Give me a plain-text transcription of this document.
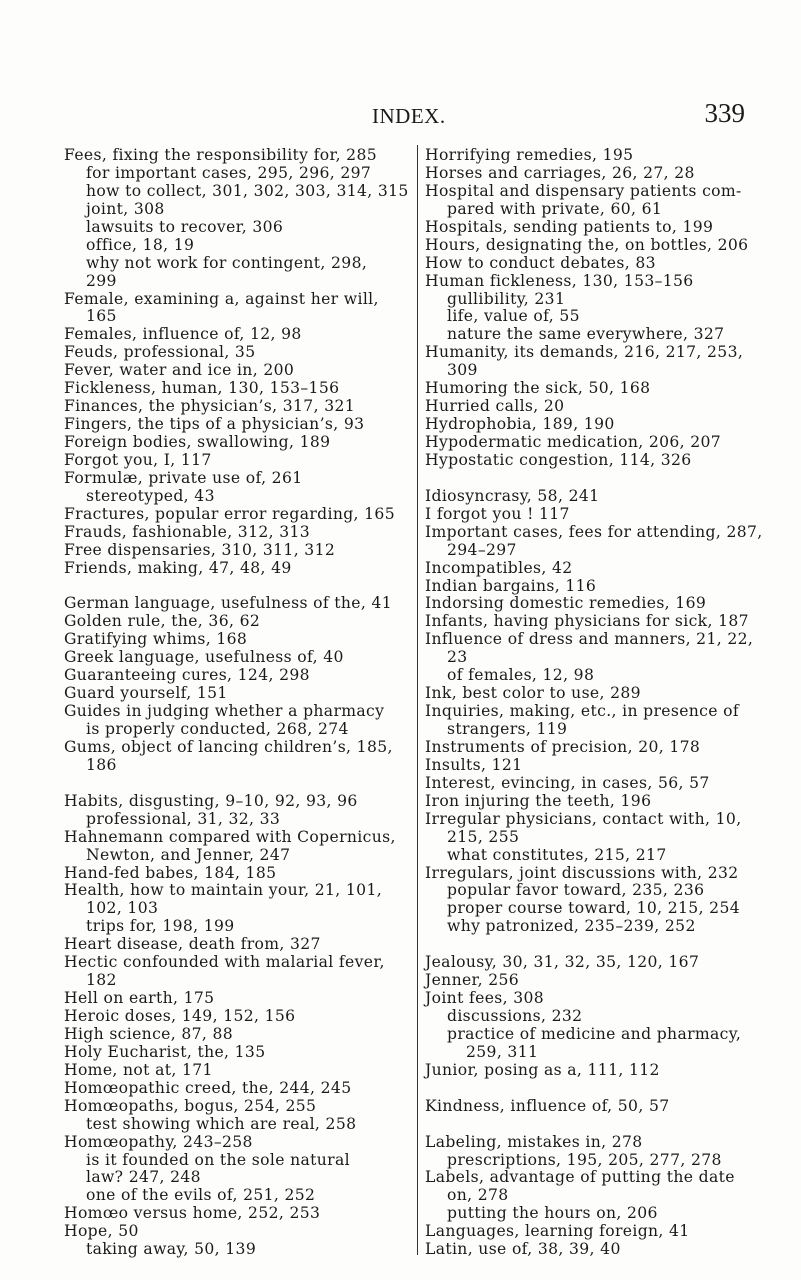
INDEX.	339
Fees, fixing the responsibility for, 285
for important cases, 295, 296, 297
how to collect, 301, 302, 303, 314, 315
joint, 308
lawsuits to recover, 306
office, 18, 19
why not work for contingent, 298,
299
Female, examining a, against her will,
165
Females, influence of, 12, 98
Feuds, professional, 35
Fever, water and ice in, 200
Fickleness, human, 130, 153–156
Finances, the physician’s, 317, 321
Fingers, the tips of a physician’s, 93
Foreign bodies, swallowing, 189
Forgot you, I, 117
Formulæ, private use of, 261
stereotyped, 43
Fractures, popular error regarding, 165
Frauds, fashionable, 312, 313
Free dispensaries, 310, 311, 312
Friends, making, 47, 48, 49
German language, usefulness of the, 41
Golden rule, the, 36, 62
Gratifying whims, 168
Greek language, usefulness of, 40
Guaranteeing cures, 124, 298
Guard yourself, 151
Guides in judging whether a pharmacy
is properly conducted, 268, 274
Gums, object of lancing children’s, 185,
186
Habits, disgusting, 9–10, 92, 93, 96
professional, 31, 32, 33
Hahnemann compared with Copernicus,
Newton, and Jenner, 247
Hand-fed babes, 184, 185
Health, how to maintain your, 21, 101,
102, 103
trips for, 198, 199
Heart disease, death from, 327
Hectic confounded with malarial fever,
182
Hell on earth, 175
Heroic doses, 149, 152, 156
High science, 87, 88
Holy Eucharist, the, 135
Home, not at, 171
Homœopathic creed, the, 244, 245
Homœopaths, bogus, 254, 255
test showing which are real, 258
Homœopathy, 243–258
is it founded on the sole natural
law? 247, 248
one of the evils of, 251, 252
Homœo versus home, 252, 253
Hope, 50
taking away, 50, 139
Horrifying remedies, 195
Horses and carriages, 26, 27, 28
Hospital and dispensary patients com-
pared with private, 60, 61
Hospitals, sending patients to, 199
Hours, designating the, on bottles, 206
How to conduct debates, 83
Human fickleness, 130, 153–156
gullibility, 231
life, value of, 55
nature the same everywhere, 327
Humanity, its demands, 216, 217, 253,
309
Humoring the sick, 50, 168
Hurried calls, 20
Hydrophobia, 189, 190
Hypodermatic medication, 206, 207
Hypostatic congestion, 114, 326
Idiosyncrasy, 58, 241
I forgot you ! 117
Important cases, fees for attending, 287,
294–297
Incompatibles, 42
Indian bargains, 116
Indorsing domestic remedies, 169
Infants, having physicians for sick, 187
Influence of dress and manners, 21, 22,
23
of females, 12, 98
Ink, best color to use, 289
Inquiries, making, etc., in presence of
strangers, 119
Instruments of precision, 20, 178
Insults, 121
Interest, evincing, in cases, 56, 57
Iron injuring the teeth, 196
Irregular physicians, contact with, 10,
215, 255
what constitutes, 215, 217
Irregulars, joint discussions with, 232
popular favor toward, 235, 236
proper course toward, 10, 215, 254
why patronized, 235–239, 252
Jealousy, 30, 31, 32, 35, 120, 167
Jenner, 256
Joint fees, 308
discussions, 232
practice of medicine and pharmacy,
259, 311
Junior, posing as a, 111, 112
Kindness, influence of, 50, 57
Labeling, mistakes in, 278
prescriptions, 195, 205, 277, 278
Labels, advantage of putting the date
on, 278
putting the hours on, 206
Languages, learning foreign, 41
Latin, use of, 38, 39, 40
